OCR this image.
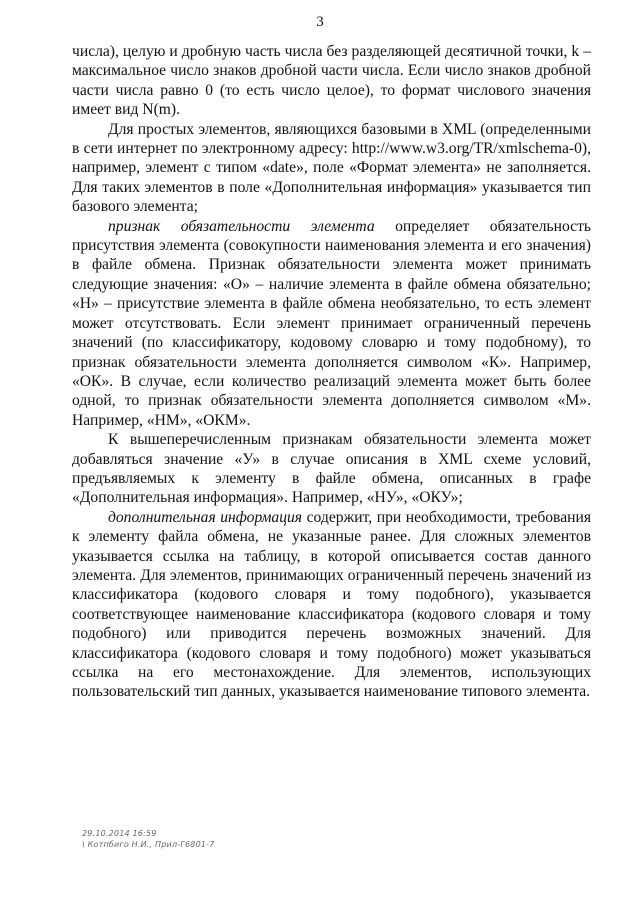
3

числа), целую и дробную часть числа без разделяющей десятичной точки, k – максимальное число знаков дробной части числа. Если число знаков дробной части числа равно 0 (то есть число целое), то формат числового значения имеет вид N(m).

Для простых элементов, являющихся базовыми в XML (определенными в сети интернет по электронному адресу: http://www.w3.org/TR/xmlschema-0), например, элемент с типом «date», поле «Формат элемента» не заполняется. Для таких элементов в поле «Дополнительная информация» указывается тип базового элемента;

признак обязательности элемента определяет обязательность присутствия элемента (совокупности наименования элемента и его значения) в файле обмена. Признак обязательности элемента может принимать следующие значения: «О» – наличие элемента в файле обмена обязательно; «Н» – присутствие элемента в файле обмена необязательно, то есть элемент может отсутствовать. Если элемент принимает ограниченный перечень значений (по классификатору, кодовому словарю и тому подобному), то признак обязательности элемента дополняется символом «К». Например, «ОК». В случае, если количество реализаций элемента может быть более одной, то признак обязательности элемента дополняется символом «М». Например, «НМ», «ОКМ».

К вышеперечисленным признакам обязательности элемента может добавляться значение «У» в случае описания в XML схеме условий, предъявляемых к элементу в файле обмена, описанных в графе «Дополнительная информация». Например, «НУ», «ОКУ»;

дополнительная информация содержит, при необходимости, требования к элементу файла обмена, не указанные ранее. Для сложных элементов указывается ссылка на таблицу, в которой описывается состав данного элемента. Для элементов, принимающих ограниченный перечень значений из классификатора (кодового словаря и тому подобного), указывается соответствующее наименование классификатора (кодового словаря и тому подобного) или приводится перечень возможных значений. Для классификатора (кодового словаря и тому подобного) может указываться ссылка на его местонахождение. Для элементов, использующих пользовательский тип данных, указывается наименование типового элемента.

29.10.2014 16:59
\ Котпбиго Н.И., Прил-Г6801-7
